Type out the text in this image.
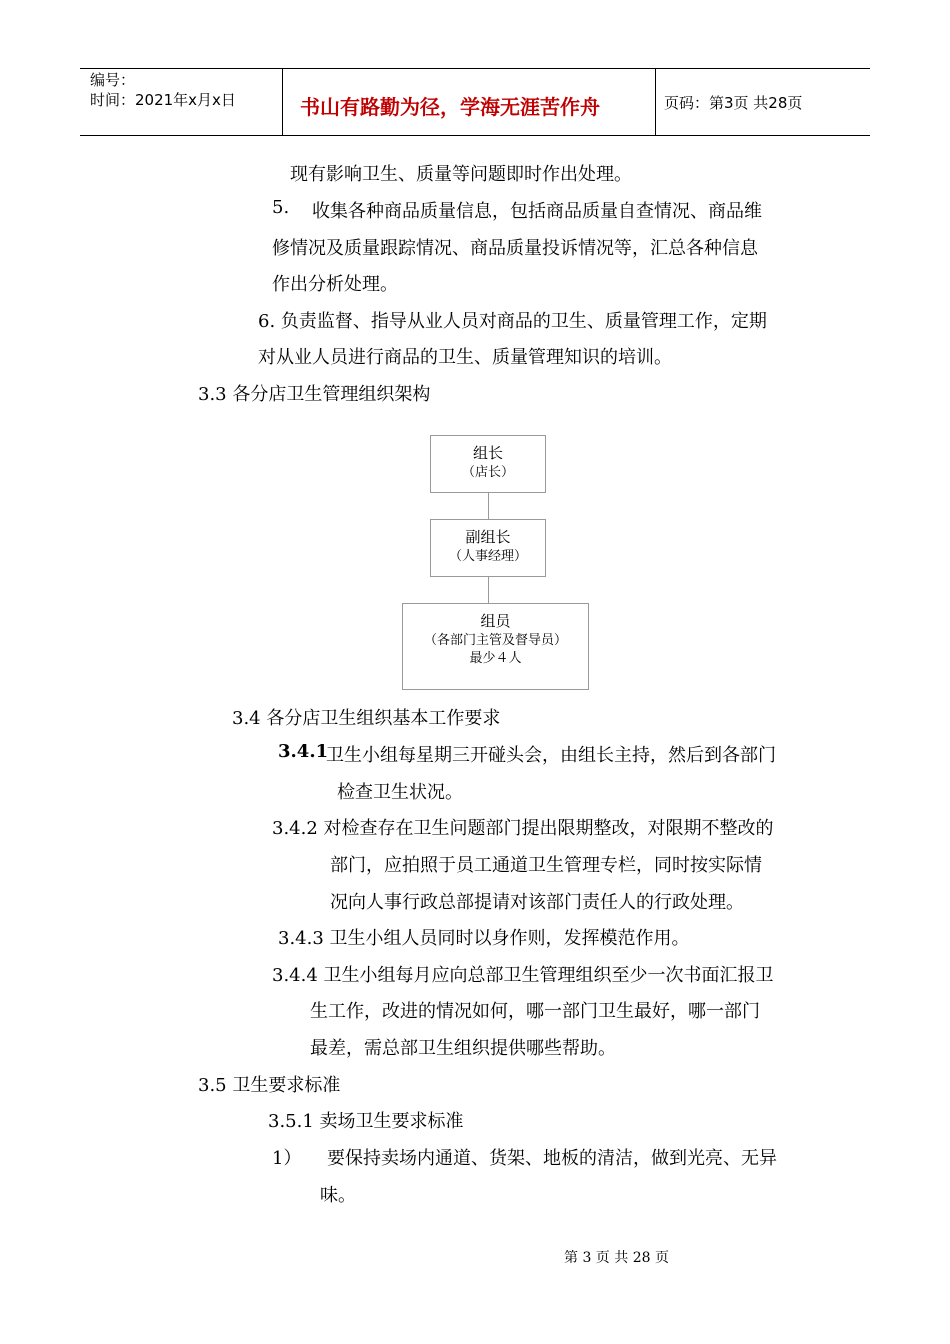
编号：
时间：2021年x月x日	书山有路勤为径，学海无涯苦作舟	页码：第3页 共28页
现有影响卫生、质量等问题即时作出处理。
5. 收集各种商品质量信息，包括商品质量自查情况、商品维
修情况及质量跟踪情况、商品质量投诉情况等，汇总各种信息
作出分析处理。
6. 负责监督、指导从业人员对商品的卫生、质量管理工作，定期
对从业人员进行商品的卫生、质量管理知识的培训。
3.3 各分店卫生管理组织架构
组长
（店长）
副组长
（人事经理）
组员
（各部门主管及督导员）
最少４人
3.4 各分店卫生组织基本工作要求
3.4.1
卫生小组每星期三开碰头会，由组长主持，然后到各部门
检查卫生状况。
3.4.2 对检查存在卫生问题部门提出限期整改，对限期不整改的
部门，应拍照于员工通道卫生管理专栏，同时按实际情
况向人事行政总部提请对该部门责任人的行政处理。
3.4.3 卫生小组人员同时以身作则，发挥模范作用。
3.4.4 卫生小组每月应向总部卫生管理组织至少一次书面汇报卫
生工作，改进的情况如何，哪一部门卫生最好，哪一部门
最差，需总部卫生组织提供哪些帮助。
3.5 卫生要求标准
3.5.1 卖场卫生要求标准
1） 要保持卖场内通道、货架、地板的清洁，做到光亮、无异
味。
第 3 页 共 28 页
